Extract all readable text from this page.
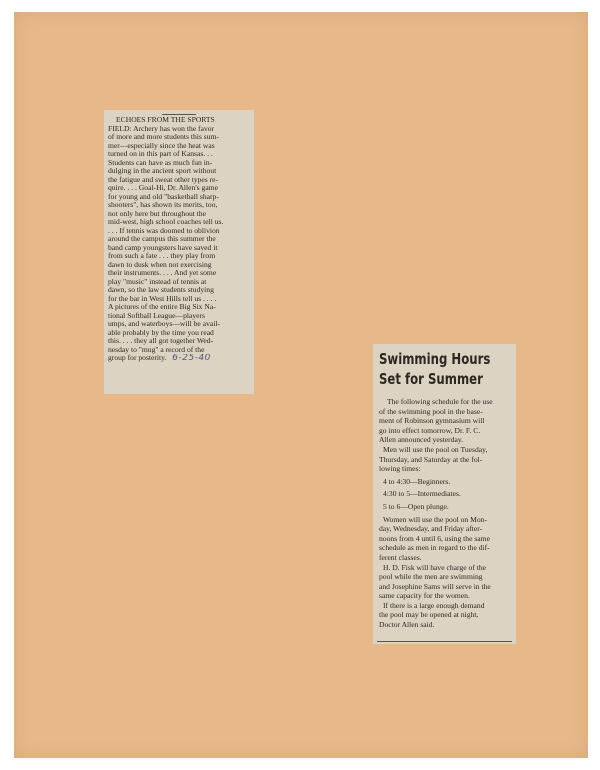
ECHOES FROM THE SPORTS
FIELD: Archery has won the favor
of more and more students this sum-
mer—especially since the heat was
turned on in this part of Kansas. . .
Students can have as much fun in-
dulging in the ancient sport without
the fatigue and sweat other types re-
quire. . . . Goal-Hi, Dr. Allen's game
for young and old "basketball sharp-
shooters", has shown its merits, too,
not only here but throughout the
mid-west, high school coaches tell us.
. . . If tennis was doomed to oblivion
around the campus this summer the
band camp youngsters have saved it
from such a fate . . . they play from
dawn to dusk when not exercising
their instruments. . . . And yet some
play "music" instead of tennis at
dawn, so the law students studying
for the bar in West Hills tell us . . . .
A pictures of the entire Big Six Na-
tional Softball League—players
umps, and waterboys—will be avail-
able probably by the time you read
this. . . . they all got together Wed-
nesday to "mug" a record of the
group for posterity. 6-25-40	Swimming Hours
Set for Summer
The following schedule for the use
of the swimming pool in the base-
ment of Robinson gymnasium will
go into effect tomorrow, Dr. F. C.
Allen announced yesterday.
Men will use the pool on Tuesday,
Thursday, and Saturday at the fol-
lowing times:
4 to 4:30—Beginners.
4:30 to 5—Intermediates.
5 to 6—Open plunge.
Women will use the pool on Mon-
day, Wednesday, and Friday after-
noons from 4 until 6, using the same
schedule as men in regard to the dif-
ferent classes.
H. D. Fisk will have charge of the
pool while the men are swimming
and Josephine Sams will serve in the
same capacity for the women.
If there is a large enough demand
the pool may be opened at night,
Doctor Allen said.
